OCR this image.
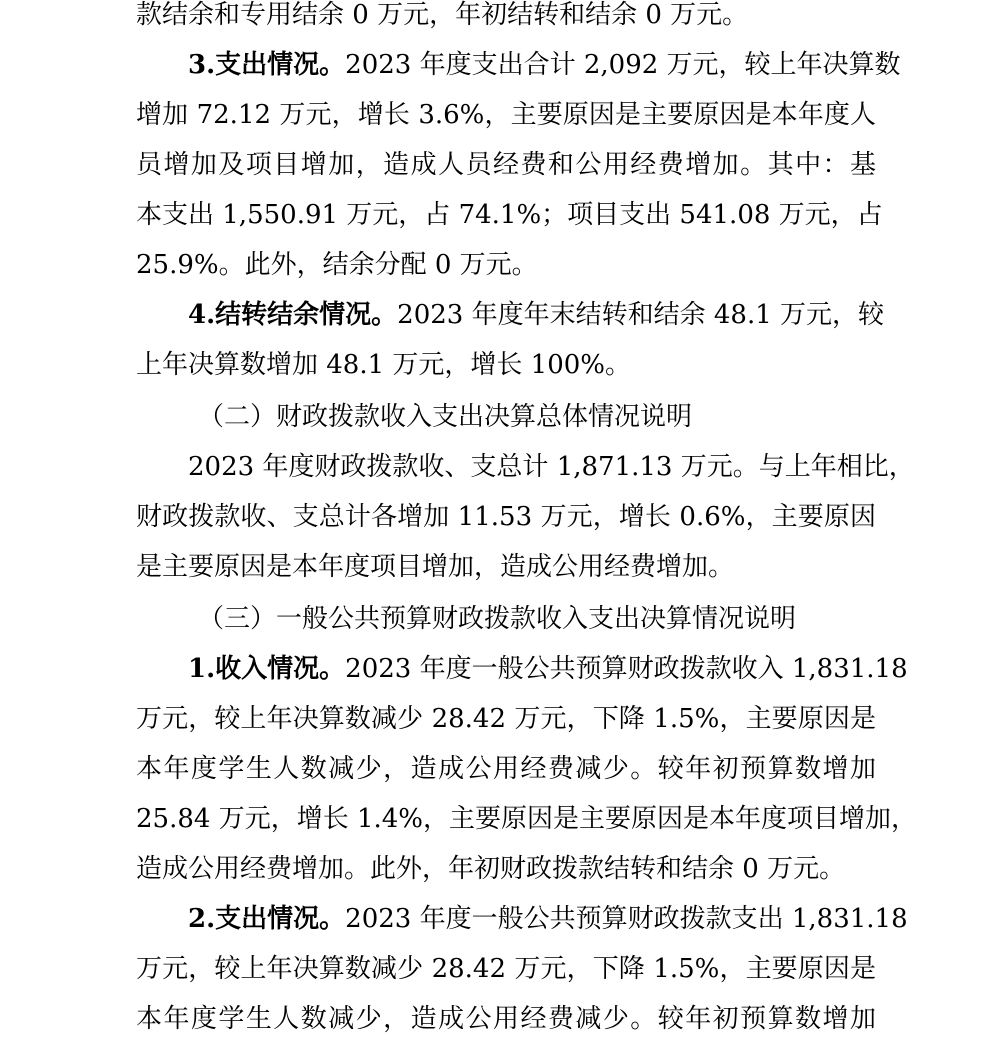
款结余和专用结余 0 万元，年初结转和结余 0 万元。
3.支出情况。2023 年度支出合计 2,092 万元，较上年决算数
增加 72.12 万元，增长 3.6%，主要原因是主要原因是本年度人
员增加及项目增加，造成人员经费和公用经费增加。其中：基
本支出 1,550.91 万元，占 74.1%；项目支出 541.08 万元，占
25.9%。此外，结余分配 0 万元。
4.结转结余情况。2023 年度年末结转和结余 48.1 万元，较
上年决算数增加 48.1 万元，增长 100%。
（二）财政拨款收入支出决算总体情况说明
2023 年度财政拨款收、支总计 1,871.13 万元。与上年相比，
财政拨款收、支总计各增加 11.53 万元，增长 0.6%，主要原因
是主要原因是本年度项目增加，造成公用经费增加。
（三）一般公共预算财政拨款收入支出决算情况说明
1.收入情况。2023 年度一般公共预算财政拨款收入 1,831.18
万元，较上年决算数减少 28.42 万元，下降 1.5%，主要原因是
本年度学生人数减少，造成公用经费减少。较年初预算数增加
25.84 万元，增长 1.4%，主要原因是主要原因是本年度项目增加，
造成公用经费增加。此外，年初财政拨款结转和结余 0 万元。
2.支出情况。2023 年度一般公共预算财政拨款支出 1,831.18
万元，较上年决算数减少 28.42 万元，下降 1.5%，主要原因是
本年度学生人数减少，造成公用经费减少。较年初预算数增加
